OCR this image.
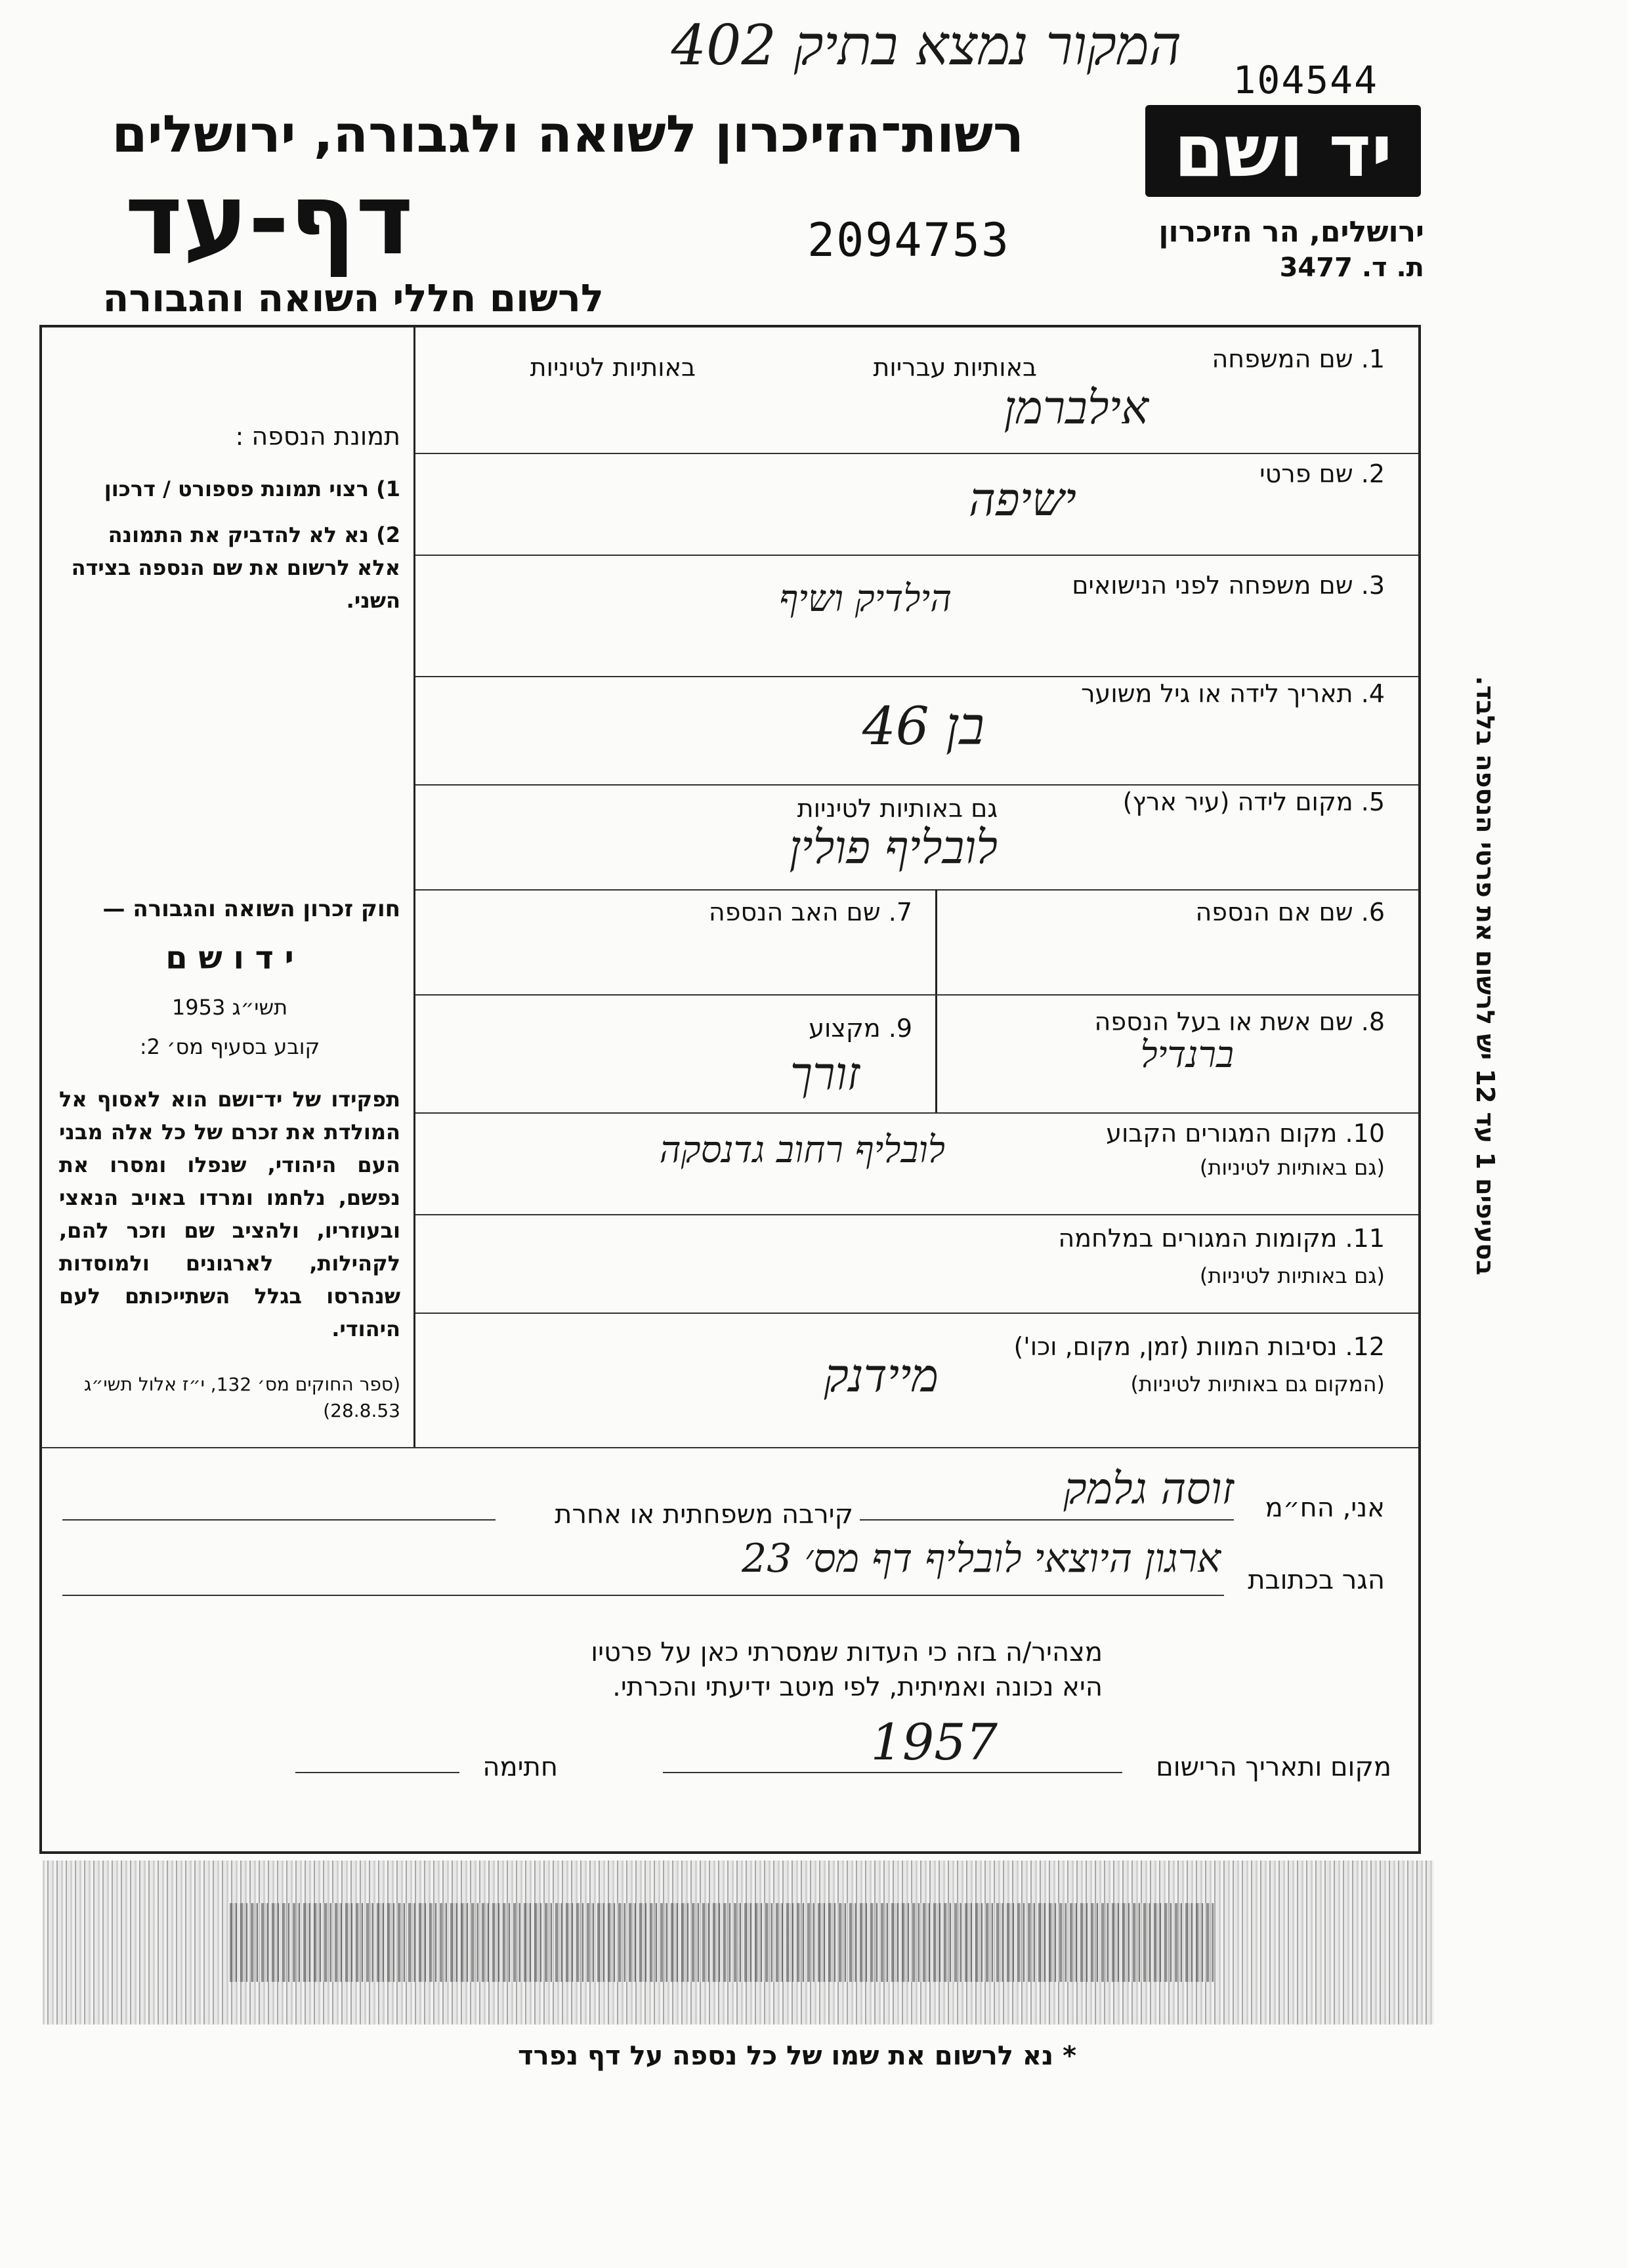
המקור נמצא בתיק 402
104544
יד ושם
רשות־הזיכרון לשואה ולגבורה, ירושלים
דף-עד	2094753
לרשום חללי השואה והגבורה
ירושלים, הר הזיכרון
ת. ד. 3477
באותיות עבריות
באותיות לטיניות	1. שם המשפחה
אילברמן
2. שם פרטי
ישיפה
3. שם משפחה לפני הנישואים
הילדיק ושיף
4. תאריך לידה או גיל משוער
בן 46
5. מקום לידה (עיר ארץ)
גם באותיות לטיניות
לובליף פולין
6. שם אם הנספה
7. שם האב הנספה
8. שם אשת או בעל הנספה
ברנדיל
9. מקצוע
זורך
10. מקום המגורים הקבוע
(גם באותיות לטיניות)
לובליף רחוב גדנסקה
11. מקומות המגורים במלחמה
(גם באותיות לטיניות)
12. נסיבות המוות (זמן, מקום, וכו')
(המקום גם באותיות לטיניות)
מיידנק
תמונת הנספה :
1) רצוי תמונת פספורט / דרכון
2) נא לא להדביק את התמונה אלא לרשום את שם הנספה בצידה השני.
חוק זכרון השואה והגבורה —
י ד ו ש ם
תשי״ג 1953
קובע בסעיף מס׳ 2:
תפקידו של יד־ושם הוא לאסוף אל המולדת את זכרם של כל אלה מבני העם היהודי, שנפלו ומסרו את נפשם, נלחמו ומרדו באויב הנאצי ובעוזריו, ולהציב שם וזכר להם, לקהילות, לארגונים ולמוסדות שנהרסו בגלל השתייכותם לעם היהודי.
(ספר החוקים מס׳ 132, י״ז אלול תשי״ג 28.8.53)
בסעיפים 1 עד 12 יש לרשום את פרטי הנספה בלבד.
אני, הח״מ
זוסה גלמק
קירבה משפחתית או אחרת
הגר בכתובת
ארגון היוצאי לובליף דף מס׳ 23
מצהיר/ה בזה כי העדות שמסרתי כאן על פרטיו
היא נכונה ואמיתית, לפי מיטב ידיעתי והכרתי.
מקום ותאריך הרישום
1957
חתימה
* נא לרשום את שמו של כל נספה על דף נפרד
